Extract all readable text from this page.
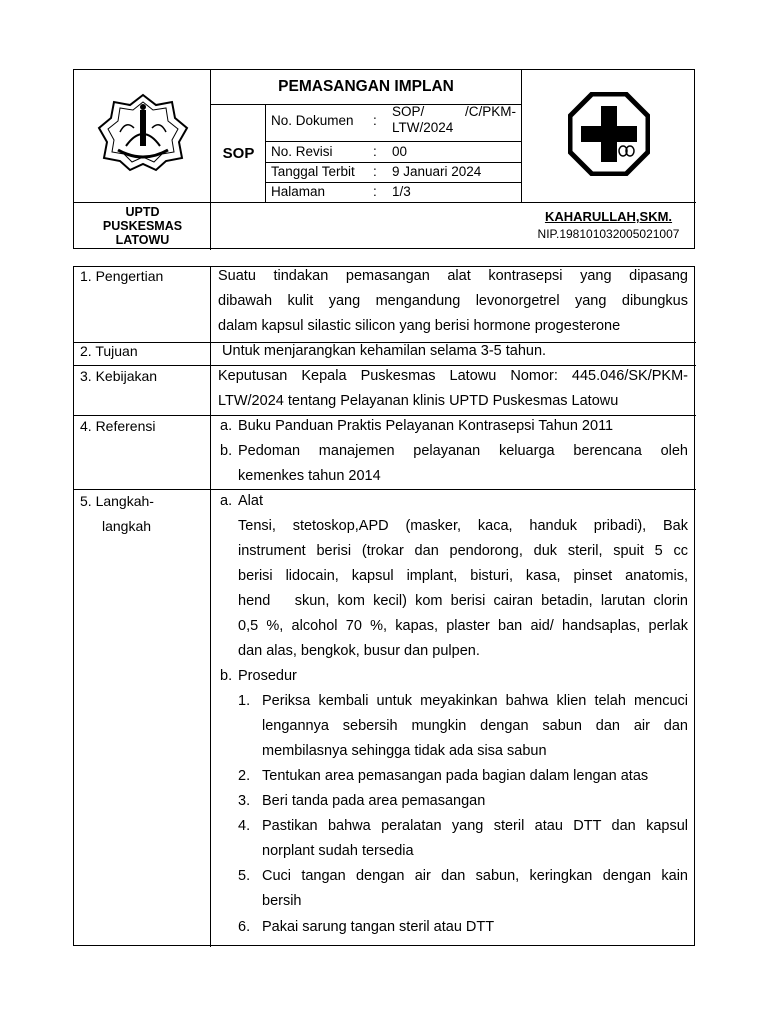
PEMASANGAN IMPLAN
SOP
No. Dokumen :
SOP/ /C/PKM-LTW/2024
No. Revisi	: 00
Tanggal Terbit : 9 Januari 2024
Halaman	: 1/3
UPTD
PUSKESMAS
LATOWU
KAHARULLAH,SKM.
NIP.198101032005021007
1. Pengertian	Suatu tindakan pemasangan alat kontrasepsi yang dipasang
dibawah kulit yang mengandung levonorgetrel yang dibungkus
dalam kapsul silastic silicon yang berisi hormone progesterone
2. Tujuan	Untuk menjarangkan kehamilan selama 3-5 tahun.
3. Kebijakan	Keputusan Kepala Puskesmas Latowu Nomor: 445.046/SK/PKM-
LTW/2024 tentang Pelayanan klinis UPTD Puskesmas Latowu
4. Referensi	a. Buku Panduan Praktis Pelayanan Kontrasepsi Tahun 2011
b. Pedoman manajemen pelayanan keluarga berencana oleh
kemenkes tahun 2014
5. Langkah-
langkah
a. Alat
Tensi, stetoskop,APD (masker, kaca, handuk pribadi), Bak
instrument berisi (trokar dan pendorong, duk steril, spuit 5 cc
berisi lidocain, kapsul implant, bisturi, kasa, pinset anatomis,
hend   skun, kom kecil) kom berisi cairan betadin, larutan clorin
0,5 %, alcohol 70 %, kapas, plaster ban aid/ handsaplas, perlak
dan alas, bengkok, busur dan pulpen.
b. Prosedur
1. Periksa kembali untuk meyakinkan bahwa klien telah mencuci
lengannya sebersih mungkin dengan sabun dan air dan
membilasnya sehingga tidak ada sisa sabun
2. Tentukan area pemasangan pada bagian dalam lengan atas
3. Beri tanda pada area pemasangan
4. Pastikan bahwa peralatan yang steril atau DTT dan kapsul
norplant sudah tersedia
5. Cuci tangan dengan air dan sabun, keringkan dengan kain
bersih
6. Pakai sarung tangan steril atau DTT
